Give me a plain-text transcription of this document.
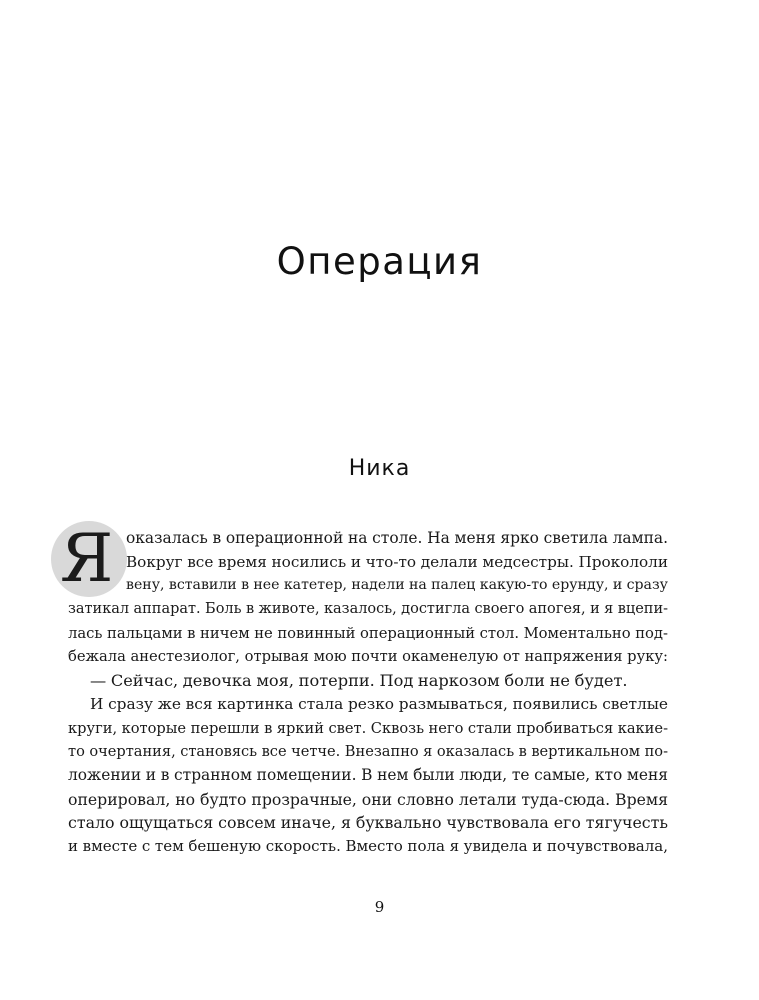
Операция
Ника
Я оказалась в операционной на столе. На меня ярко светила лампа.
Вокруг все время носились и что-то делали медсестры. Прокололи
вену, вставили в нее катетер, надели на палец какую-то ерунду, и сразу
затикал аппарат. Боль в животе, казалось, достигла своего апогея, и я вцепи-
лась пальцами в ничем не повинный операционный стол. Моментально под-
бежала анестезиолог, отрывая мою почти окаменелую от напряжения руку:
— Сейчас, девочка моя, потерпи. Под наркозом боли не будет.
И сразу же вся картинка стала резко размываться, появились светлые
круги, которые перешли в яркий свет. Сквозь него стали пробиваться какие-
то очертания, становясь все четче. Внезапно я оказалась в вертикальном по-
ложении и в странном помещении. В нем были люди, те самые, кто меня
оперировал, но будто прозрачные, они словно летали туда-сюда. Время
стало ощущаться совсем иначе, я буквально чувствовала его тягучесть
и вместе с тем бешеную скорость. Вместо пола я увидела и почувствовала,
9
